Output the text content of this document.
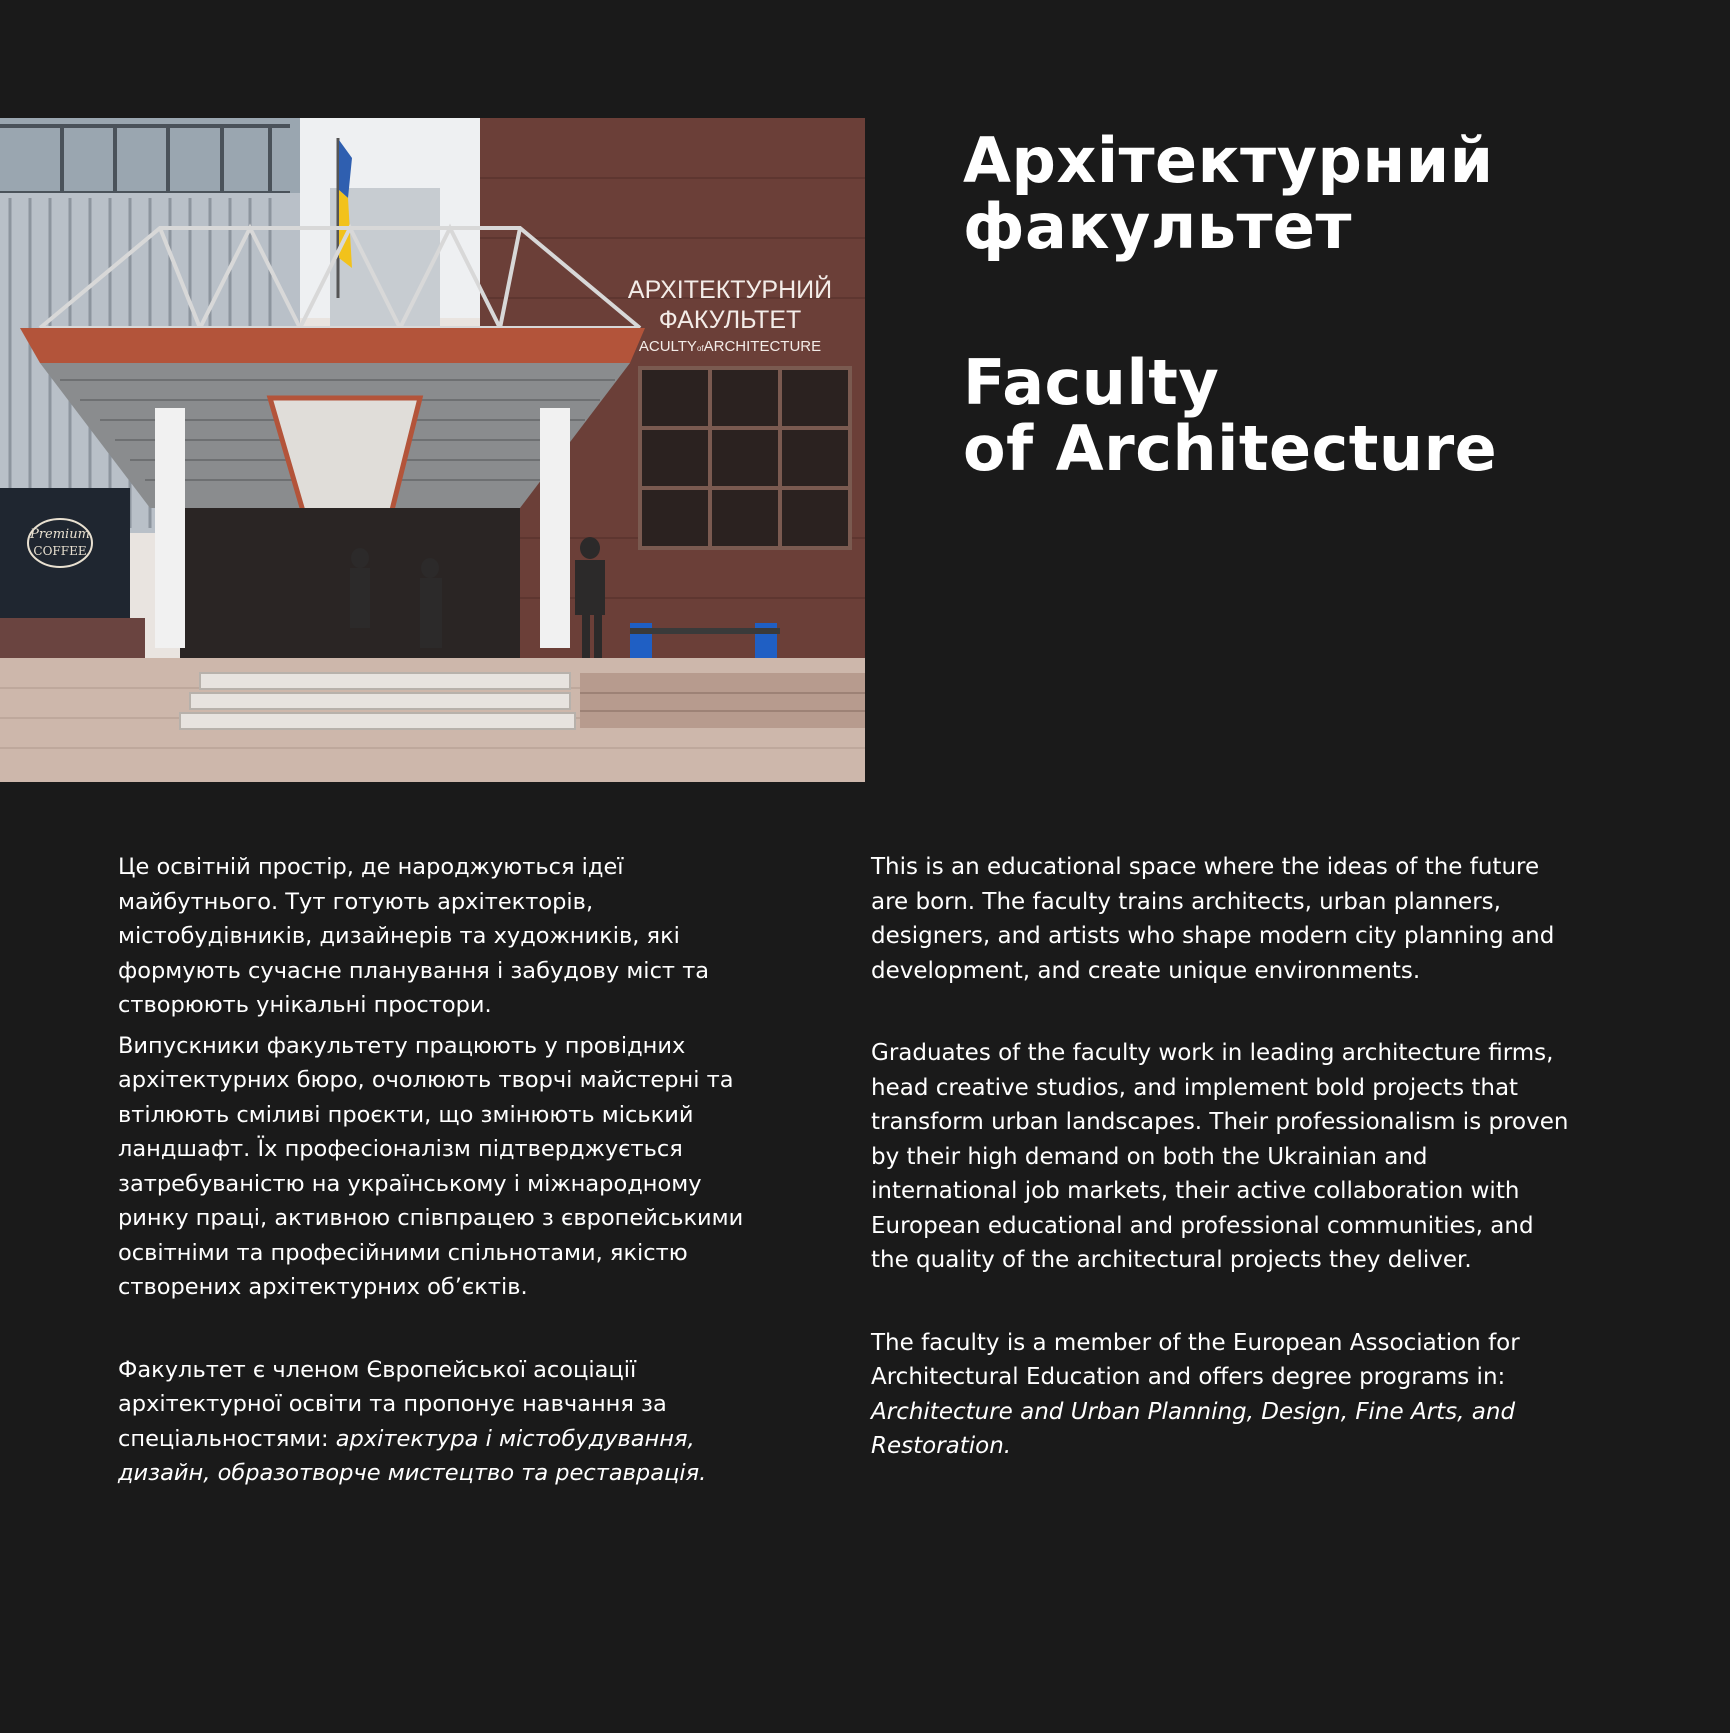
АРХІТЕКТУРНИЙ
ФАКУЛЬТЕТ
ACULTYofARCHITECTURE
Premium
COFFEE
Архітектурний
факультет
Faculty
of Architecture

Це освітній простір, де народжуються ідеї майбутнього. Тут готують архітекторів, містобудівників, дизайнерів та художників, які формують сучасне планування і забудову міст та створюють унікальні простори.

Випускники факультету працюють у провідних архітектурних бюро, очолюють творчі майстерні та втілюють сміливі проєкти, що змінюють міський ландшафт. Їх професіоналізм підтверджується затребуваністю на українському і міжнародному ринку праці, активною співпрацею з європейськими освітніми та професійними спільнотами, якістю створених архітектурних об’єктів.

Факультет є членом Європейської асоціації архітектурної освіти та пропонує навчання за спеціальностями: архітектура і містобудування, дизайн, образотворче мистецтво та реставрація.

This is an educational space where the ideas of the future are born. The faculty trains architects, urban planners, designers, and artists who shape modern city planning and development, and create unique environments.

Graduates of the faculty work in leading architecture firms, head creative studios, and implement bold projects that transform urban landscapes. Their professionalism is proven by their high demand on both the Ukrainian and international job markets, their active collaboration with European educational and professional communities, and the quality of the architectural projects they deliver.

The faculty is a member of the European Association for Architectural Education and offers degree programs in: Architecture and Urban Planning, Design, Fine Arts, and Restoration.
